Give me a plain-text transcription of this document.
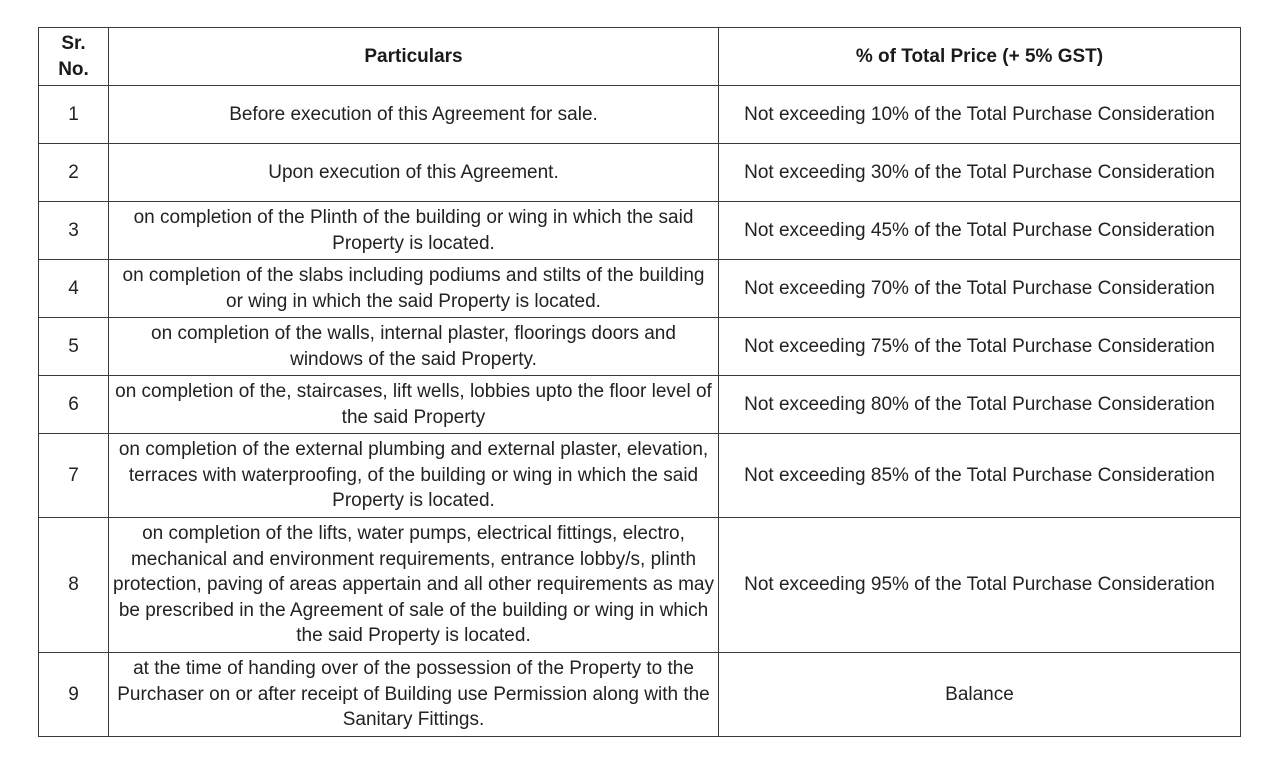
Sr. No.	Particulars	% of Total Price (+ 5% GST)
1	Before execution of this Agreement for sale.	Not exceeding 10% of the Total Purchase Consideration
2	Upon execution of this Agreement.	Not exceeding 30% of the Total Purchase Consideration
3	on completion of the Plinth of the building or wing in which the said Property is located.	Not exceeding 45% of the Total Purchase Consideration
4	on completion of the slabs including podiums and stilts of the building or wing in which the said Property is located.	Not exceeding 70% of the Total Purchase Consideration
5	on completion of the walls, internal plaster, floorings doors and windows of the said Property.	Not exceeding 75% of the Total Purchase Consideration
6	on completion of the, staircases, lift wells, lobbies upto the floor level of the said Property	Not exceeding 80% of the Total Purchase Consideration
7	on completion of the external plumbing and external plaster, elevation, terraces with waterproofing, of the building or wing in which the said Property is located.	Not exceeding 85% of the Total Purchase Consideration
8	on completion of the lifts, water pumps, electrical fittings, electro, mechanical and environment requirements, entrance lobby/s, plinth protection, paving of areas appertain and all other requirements as may be prescribed in the Agreement of sale of the building or wing in which the said Property is located.	Not exceeding 95% of the Total Purchase Consideration
9	at the time of handing over of the possession of the Property to the Purchaser on or after receipt of Building use Permission along with the Sanitary Fittings.	Balance
